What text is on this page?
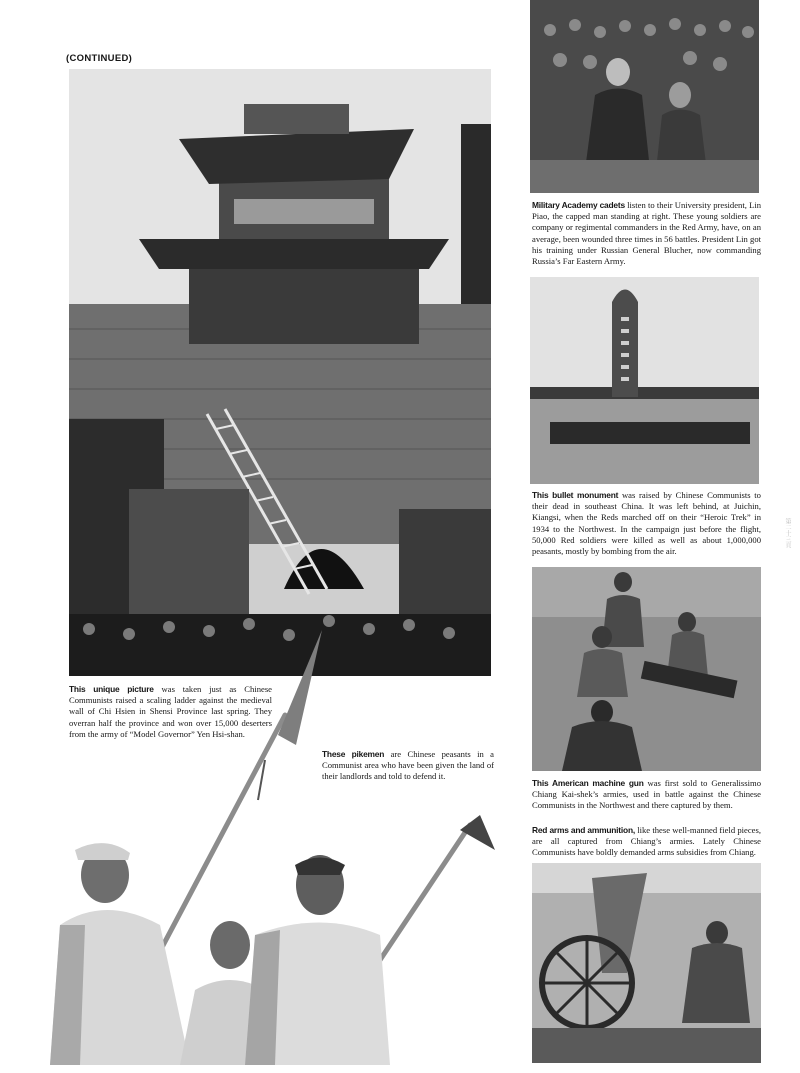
(CONTINUED)
This unique picture was taken just as Chinese Communists raised a scaling ladder against the medieval wall of Chi Hsien in Shensi Province last spring. They overran half the province and won over 15,000 deserters from the army of “Model Governor” Yen Hsi-shan.
These pikemen are Chinese peasants in a Communist area who have been given the land of their landlords and told to defend it.
Military Academy cadets listen to their University president, Lin Piao, the capped man standing at right. These young soldiers are company or regimental commanders in the Red Army, have, on an average, been wounded three times in 56 battles. President Lin got his training under Russian General Blucher, now commanding Russia’s Far Eastern Army.
This bullet monument was raised by Chinese Communists to their dead in southeast China. It was left behind, at Juichin, Kiangsi, when the Reds marched off on their “Heroic Trek” in 1934 to the Northwest. In the campaign just before the flight, 50,000 Red soldiers were killed as well as about 1,000,000 peasants, mostly by bombing from the air.
This American machine gun was first sold to Generalissimo Chiang Kai-shek’s armies, used in battle against the Chinese Communists in the Northwest and there captured by them.
Red arms and ammunition, like these well-manned field pieces, are all captured from Chiang’s armies. Lately Chinese Communists have boldly demanded arms subsidies from Chiang.
第二十三頁
